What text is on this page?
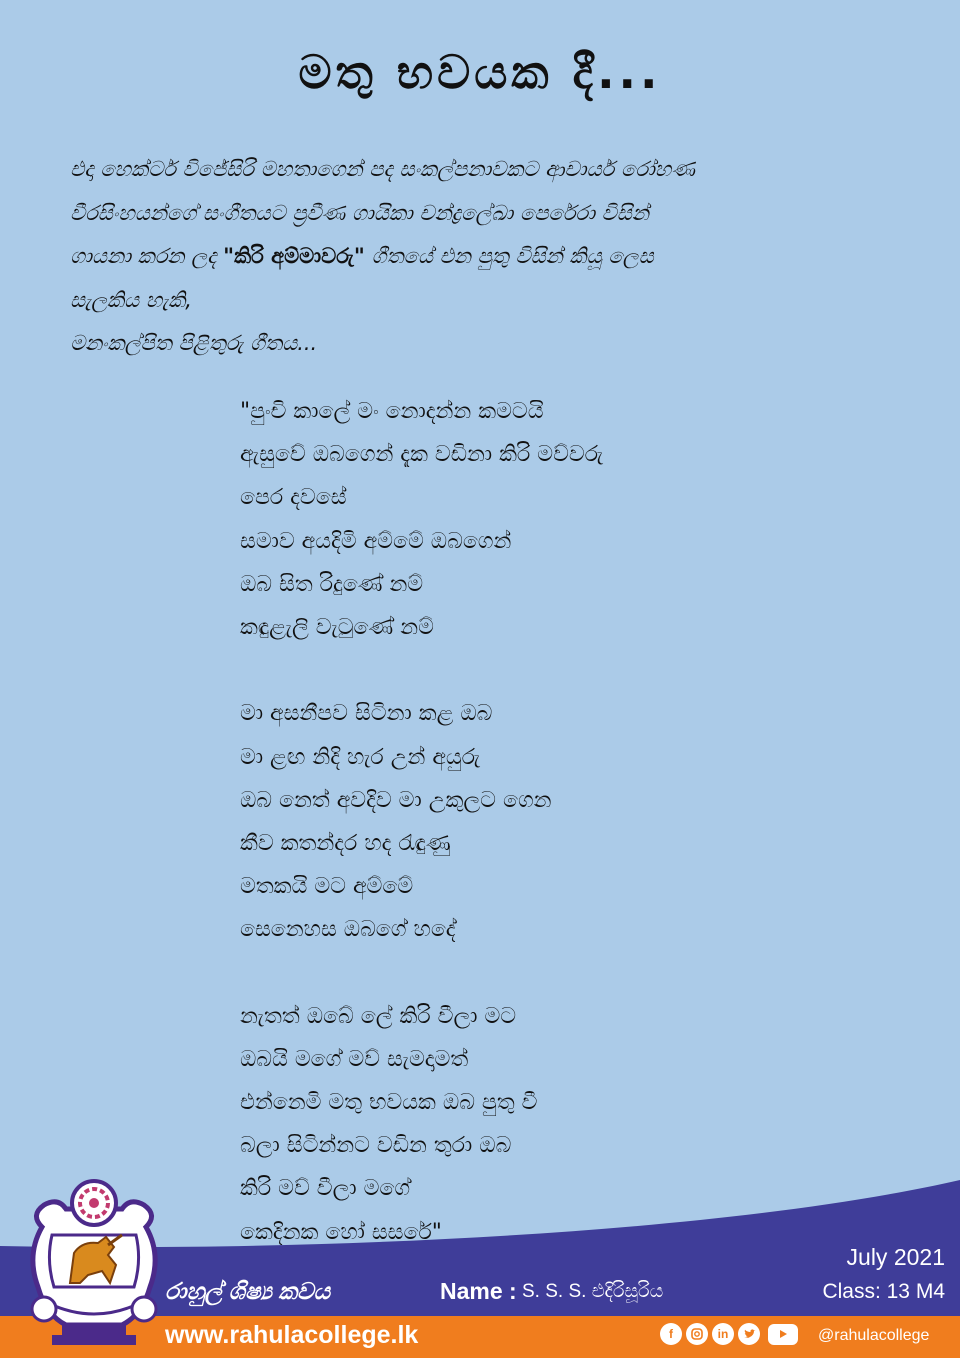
මතු භවයක දී...
එදා හෙක්ටර් විජේසිරි මහතාගෙන් පද සංකල්පනාවකට ආචාර්ය රෝහණ
වීරසිංහයන්ගේ සංගීතයට ප්‍රවීණ ගායිකා චන්ද්‍රලේඛා පෙරේරා විසින්
ගායනා කරන ලද "කිරි අම්මාවරු" ගීතයේ එන පුතු විසින් කියූ ලෙස
සැලකිය හැකි,
මනංකල්පිත පිළිතුරු ගීතය...
"පුංචි කාලේ මං නොදන්න කමටයි
ඇසුවේ ඔබගෙන් දැක වඩිනා කිරි මව්වරු
පෙර දවසේ
සමාව අයදිමි අම්මේ ඔබගෙන්
ඔබ සිත රිදුණේ නම්
කඳුළැලි වැටුණේ නම්
මා අසනීපව සිටිනා කළ ඔබ
මා ළඟ නිදි හැර උන් අයුරු
ඔබ නෙත් අවදිව මා උකුලට ගෙන
කීව කතන්දර හද රැඳුණු
මතකයි මට අම්මේ
සෙනෙහස ඔබගේ හදේ
නැතත් ඔබේ ලේ කිරි වීලා මට
ඔබයි මගේ මව් සැමදාමත්
එන්නෙමි මතු භවයක ඔබ පුතු වී
බලා සිටින්නට වඩින තුරා ඔබ
කිරි මව් වීලා මගේ
කෙදිනක හෝ සසරේ"
රාහුල් ශිෂ්‍ය කවය	Name : S. S. S. එදිරිසූරිය
July 2021
Class: 13 M4
www.rahulacollege.lk	f	in	@rahulacollege
